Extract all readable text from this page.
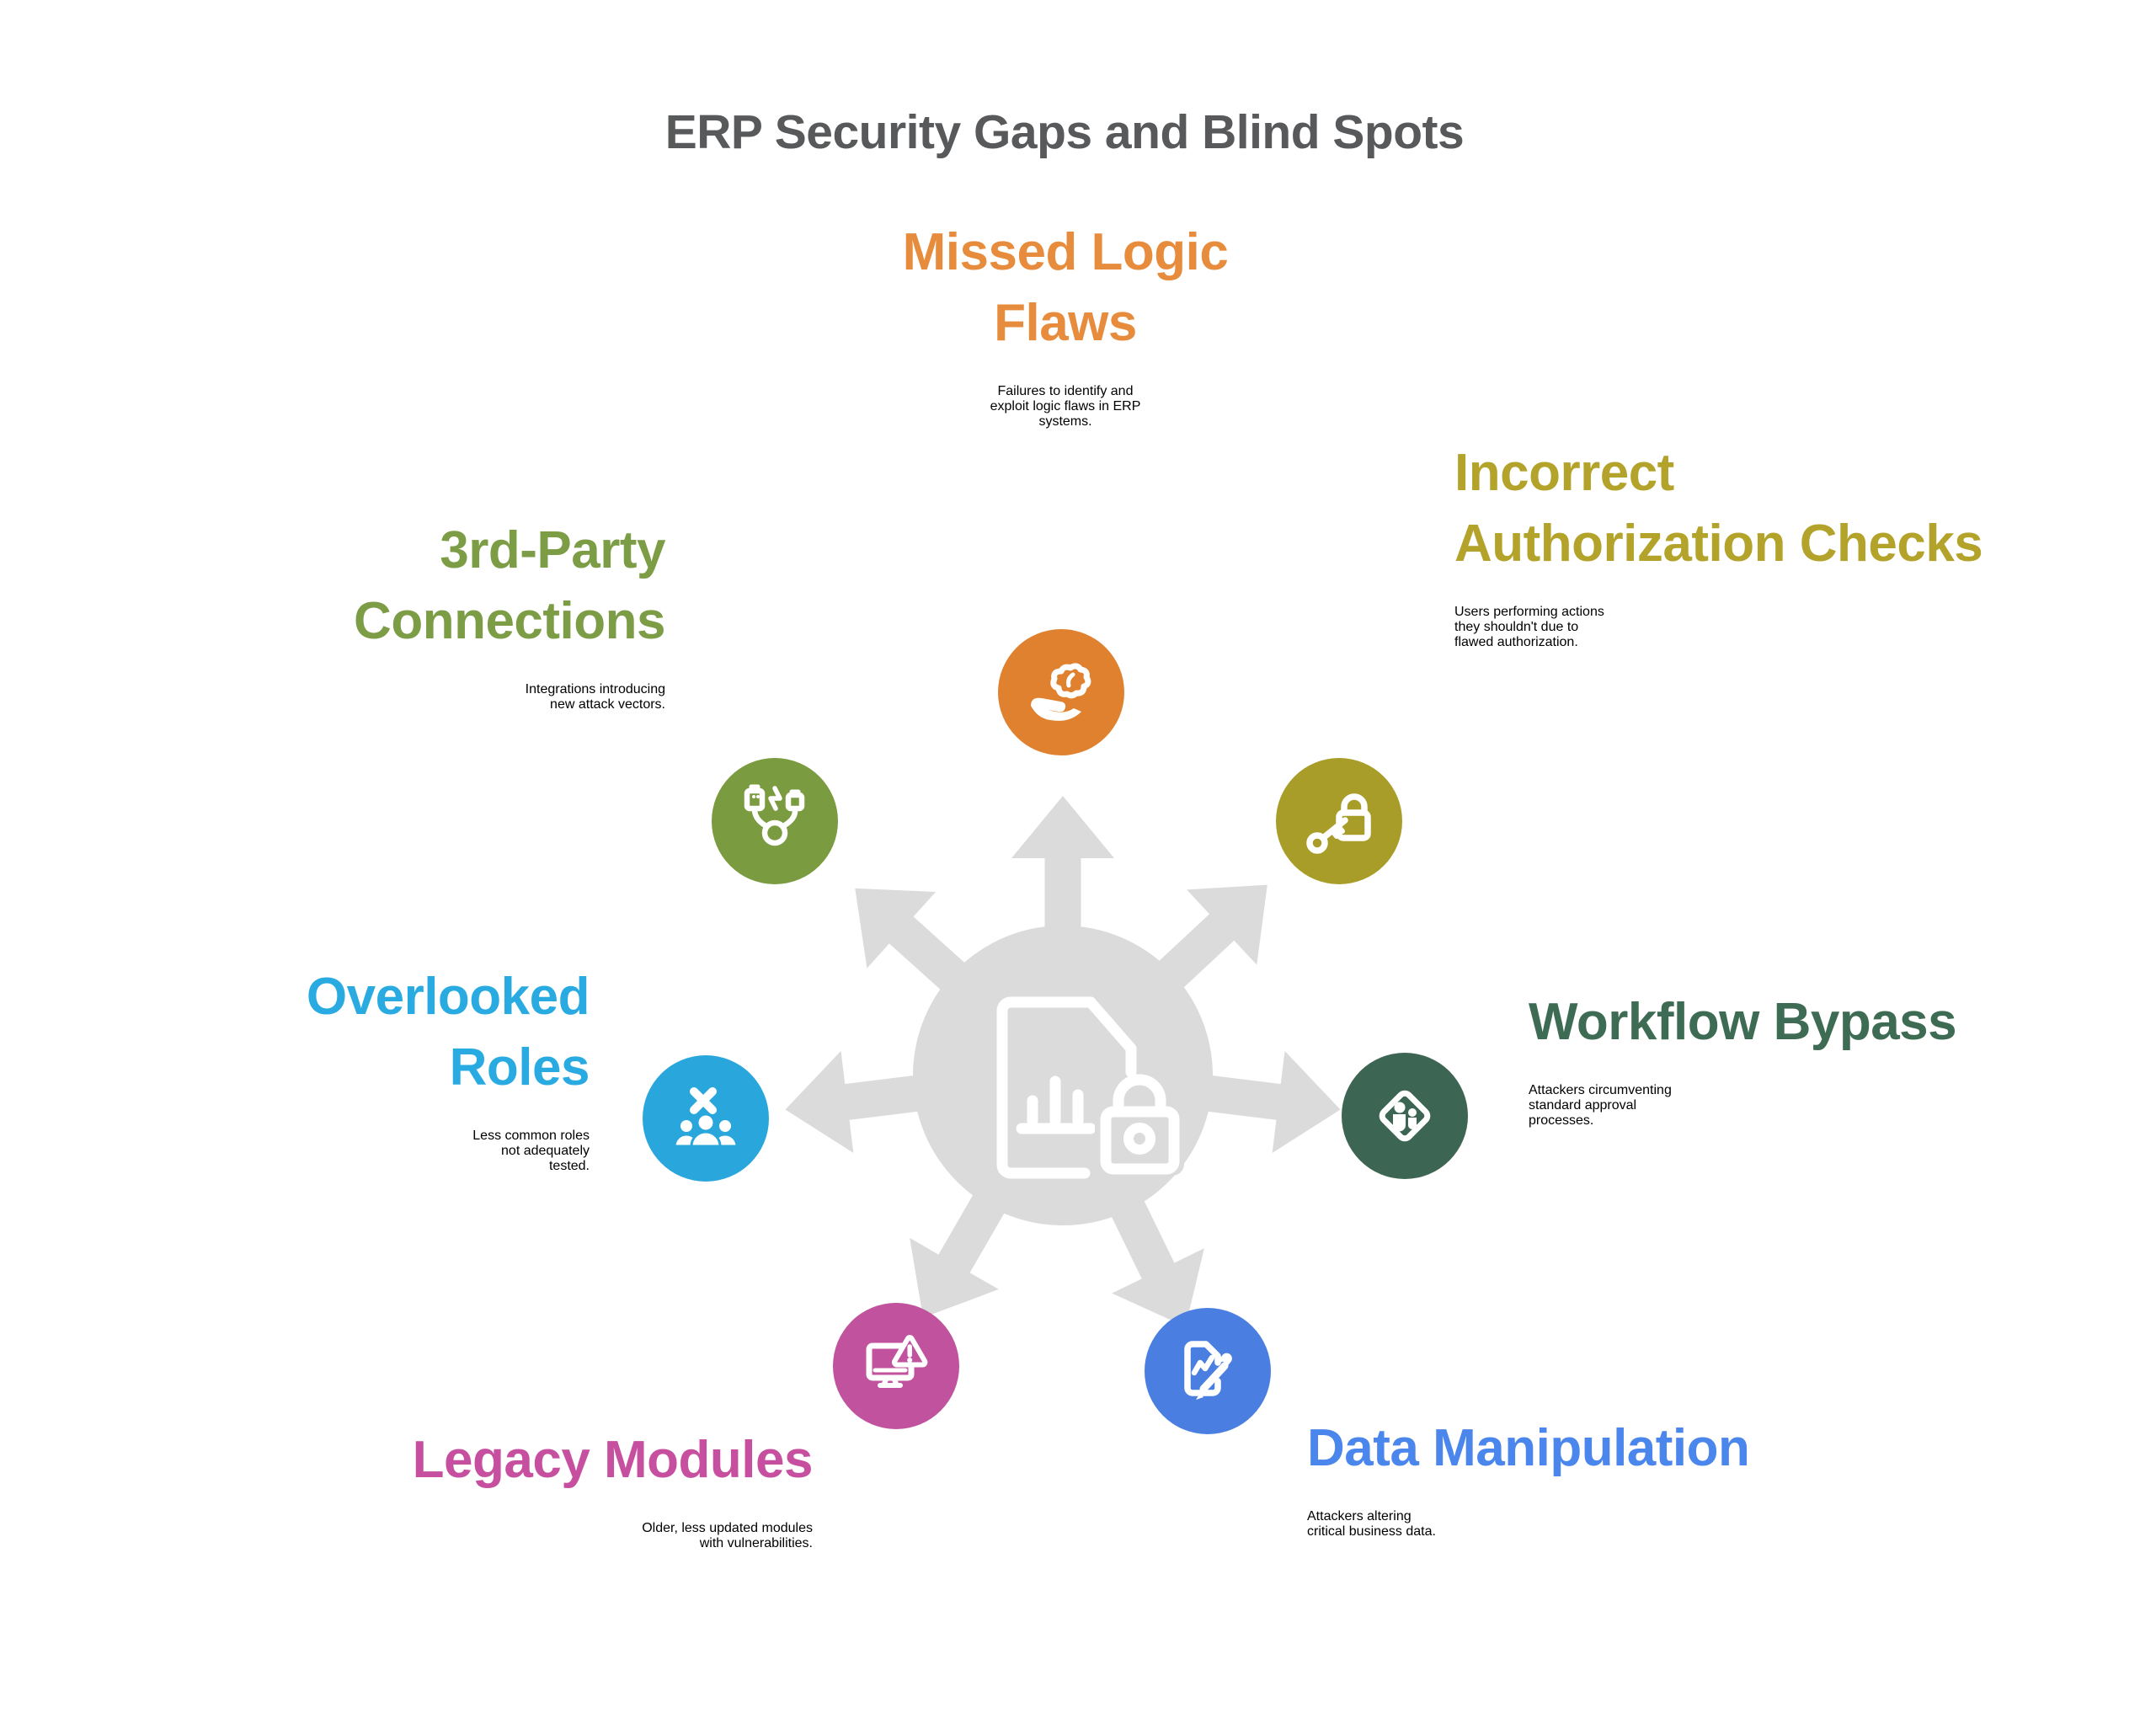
ERP Security Gaps and Blind Spots
Missed Logic
Flaws

Failures to identify and
exploit logic flaws in ERP
systems.

Incorrect
Authorization Checks

Users performing actions
they shouldn't due to
flawed authorization.

Workflow Bypass

Attackers circumventing
standard approval
processes.

Data Manipulation

Attackers altering
critical business data.

Legacy Modules

Older, less updated modules
with vulnerabilities.

Overlooked
Roles

Less common roles
not adequately
tested.

3rd-Party
Connections

Integrations introducing
new attack vectors.
